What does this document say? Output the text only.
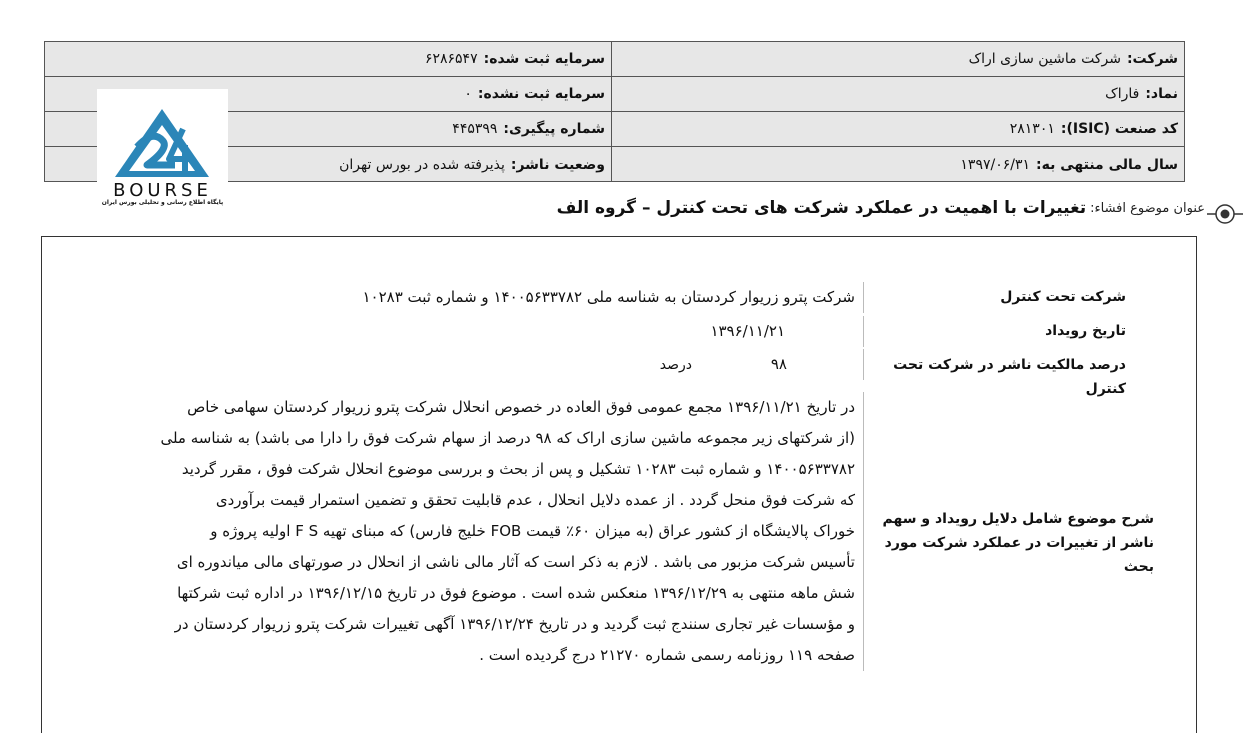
شرکت:
شرکت ماشین سازی اراک
سرمایه ثبت شده:
۶۲۸۶۵۴۷
نماد:
فاراک
سرمایه ثبت نشده:
۰
کد صنعت (ISIC):
۲۸۱۳۰۱
شماره پیگیری:
۴۴۵۳۹۹
سال مالی منتهی به:
۱۳۹۷/۰۶/۳۱
وضعیت ناشر:
پذیرفته شده در بورس تهران
BOURSE
پایگاه اطلاع رسانی و تحلیلی بورس ایران	عنوان موضوع افشاء:
تغییرات با اهمیت در عملکرد شرکت های تحت کنترل – گروه الف
شرکت تحت کنترل
شرکت پترو زریوار کردستان به شناسه ملی ۱۴۰۰۵۶۳۳۷۸۲ و شماره ثبت ۱۰۲۸۳
تاریخ رویداد
۱۳۹۶/۱۱/۲۱
درصد مالکیت ناشر در شرکت تحت کنترل
۹۸
درصد
شرح موضوع شامل دلایل رویداد و سهم ناشر از تغییرات در عملکرد شرکت مورد بحث
در تاریخ ۱۳۹۶/۱۱/۲۱ مجمع عمومی فوق العاده در خصوص انحلال شرکت پترو زریوار کردستان سهامی خاص
(از شرکتهای زیر مجموعه ماشین سازی اراک که ۹۸ درصد از سهام شرکت فوق را دارا می باشد) به شناسه ملی
۱۴۰۰۵۶۳۳۷۸۲ و شماره ثبت ۱۰۲۸۳ تشکیل و پس از بحث و بررسی موضوع انحلال شرکت فوق ، مقرر گردید
که شرکت فوق منحل گردد . از عمده دلایل انحلال ، عدم قابلیت تحقق و تضمین استمرار قیمت برآوردی
خوراک پالایشگاه از کشور عراق (به میزان ۶۰٪ قیمت FOB خلیج فارس) که مبنای تهیه F S اولیه پروژه و
تأسیس شرکت مزبور می باشد . لازم به ذکر است که آثار مالی ناشی از انحلال در صورتهای مالی میاندوره ای
شش ماهه منتهی به ۱۳۹۶/۱۲/۲۹ منعکس شده است . موضوع فوق در تاریخ ۱۳۹۶/۱۲/۱۵ در اداره ثبت شرکتها
و مؤسسات غیر تجاری سنندج ثبت گردید و در تاریخ ۱۳۹۶/۱۲/۲۴ آگهی تغییرات شرکت پترو زریوار کردستان در
صفحه ۱۱۹ روزنامه رسمی شماره ۲۱۲۷۰ درج گردیده است .
